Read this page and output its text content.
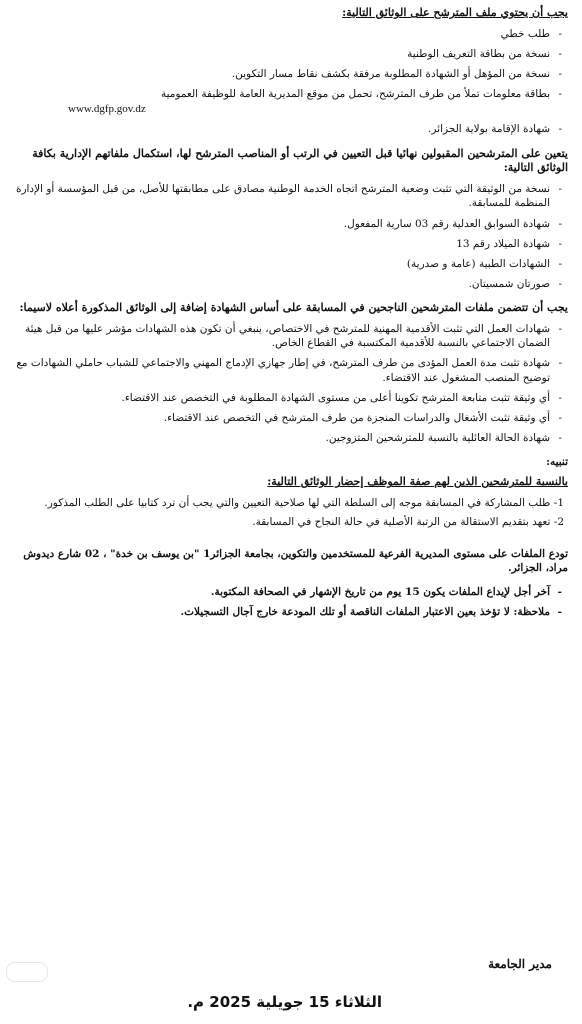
يجب أن يحتوي ملف المترشح على الوثائق التالية:

- طلب خطي
- نسخة من بطاقة التعريف الوطنية
- نسخة من المؤهل أو الشهادة المطلوبة مرفقة بكشف نقاط مسار التكوين.
- بطاقة معلومات تملأ من طرف المترشح، تحمل من موقع المديرية العامة للوظيفة العمومية
www.dgfp.gov.dz
- شهادة الإقامة بولاية الجزائر.

يتعين على المترشحين المقبولين نهائيا قبل التعيين في الرتب أو المناصب المترشح لها، استكمال ملفاتهم الإدارية بكافة الوثائق التالية:

- نسخة من الوثيقة التي تثبت وضعية المترشح اتجاه الخدمة الوطنية مصادق على مطابقتها للأصل، من قبل المؤسسة أو الإدارة المنظمة للمسابقة.
- شهادة السوابق العدلية رقم 03 سارية المفعول.
- شهادة الميلاد رقم 13
- الشهادات الطبية (عامة و صدرية)
- صورتان شمسيتان.

يجب أن تتضمن ملفات المترشحين الناجحين في المسابقة على أساس الشهادة إضافة إلى الوثائق المذكورة أعلاه لاسيما:

- شهادات العمل التي تثبت الأقدمية المهنية للمترشح في الاختصاص، ينبغي أن تكون هذه الشهادات مؤشر عليها من قبل هيئة الضمان الاجتماعي بالنسبة للأقدمية المكتسبة في القطاع الخاص.
- شهادة تثبت مدة العمل المؤدى من طرف المترشح، في إطار جهازي الإدماج المهني والاجتماعي للشباب حاملي الشهادات مع توضيح المنصب المشغول عند الاقتضاء.
- أي وثيقة تثبت متابعة المترشح تكوينا أعلى من مستوى الشهادة المطلوبة في التخصص عند الاقتضاء.
- أي وثيقة تثبت الأشغال والدراسات المنجزة من طرف المترشح في التخصص عند الاقتضاء.
- شهادة الحالة العائلية بالنسبة للمترشحين المتزوجين.

تنبيه:

بالنسبة للمترشحين الذين لهم صفة الموظف إحضار الوثائق التالية:

1- طلب المشاركة في المسابقة موجه إلى السلطة التي لها صلاحية التعيين والتي يجب أن ترد كتابيا على الطلب المذكور.

2- تعهد بتقديم الاستقالة من الرتبة الأصلية في حالة النجاح في المسابقة.

تودع الملفات على مستوى المديرية الفرعية للمستخدمين والتكوين، بجامعة الجزائر1 "بن يوسف بن خدة" ، 02 شارع ديدوش مراد، الجزائر.

- آخر أجل لإيداع الملفات يكون 15 يوم من تاريخ الإشهار في الصحافة المكتوبة.
- ملاحظة: لا تؤخذ بعين الاعتبار الملفات الناقصة أو تلك المودعة خارج آجال التسجيلات.
مدير الجامعة
الثلاثاء 15 جويلية 2025 م.
